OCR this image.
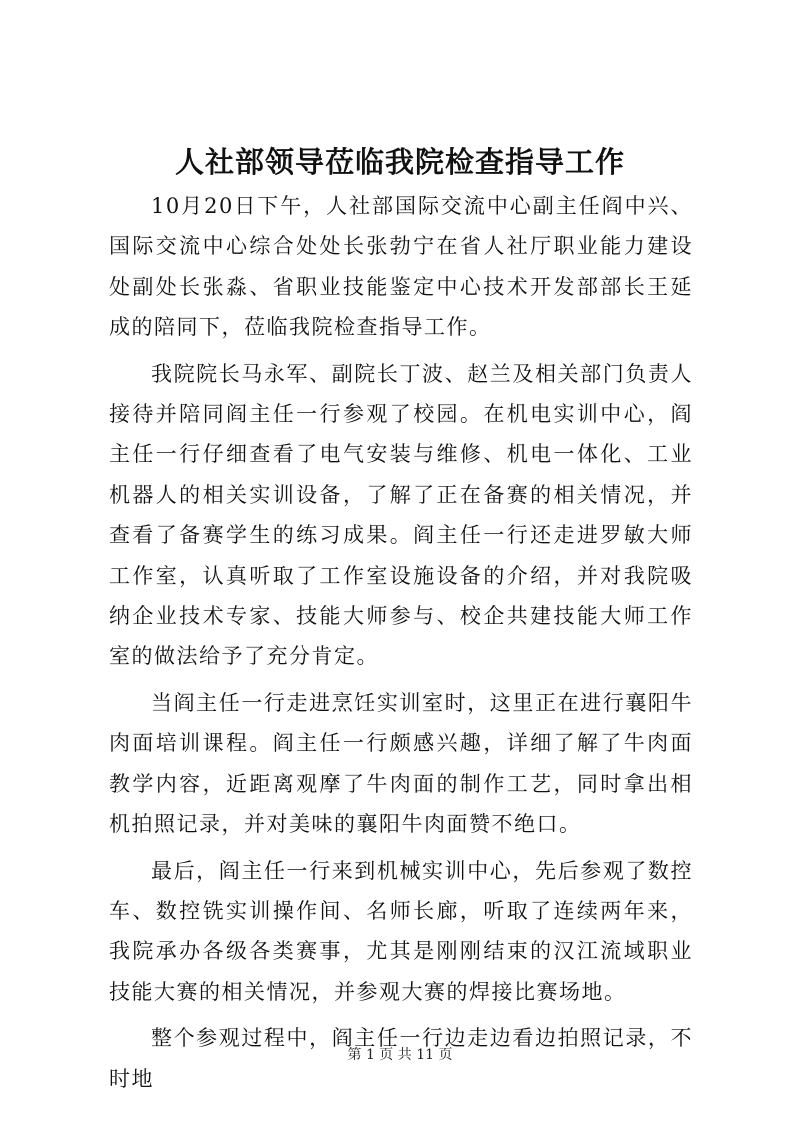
人社部领导莅临我院检查指导工作

10月20日下午，人社部国际交流中心副主任阎中兴、国际交流中心综合处处长张勃宁在省人社厅职业能力建设处副处长张淼、省职业技能鉴定中心技术开发部部长王延成的陪同下，莅临我院检查指导工作。

我院院长马永军、副院长丁波、赵兰及相关部门负责人接待并陪同阎主任一行参观了校园。在机电实训中心，阎主任一行仔细查看了电气安装与维修、机电一体化、工业机器人的相关实训设备，了解了正在备赛的相关情况，并查看了备赛学生的练习成果。阎主任一行还走进罗敏大师工作室，认真听取了工作室设施设备的介绍，并对我院吸纳企业技术专家、技能大师参与、校企共建技能大师工作室的做法给予了充分肯定。

当阎主任一行走进烹饪实训室时，这里正在进行襄阳牛肉面培训课程。阎主任一行颇感兴趣，详细了解了牛肉面教学内容，近距离观摩了牛肉面的制作工艺，同时拿出相机拍照记录，并对美味的襄阳牛肉面赞不绝口。

最后，阎主任一行来到机械实训中心，先后参观了数控车、数控铣实训操作间、名师长廊，听取了连续两年来，我院承办各级各类赛事，尤其是刚刚结束的汉江流域职业技能大赛的相关情况，并参观大赛的焊接比赛场地。

整个参观过程中，阎主任一行边走边看边拍照记录，不时地

第 1 页 共 11 页
